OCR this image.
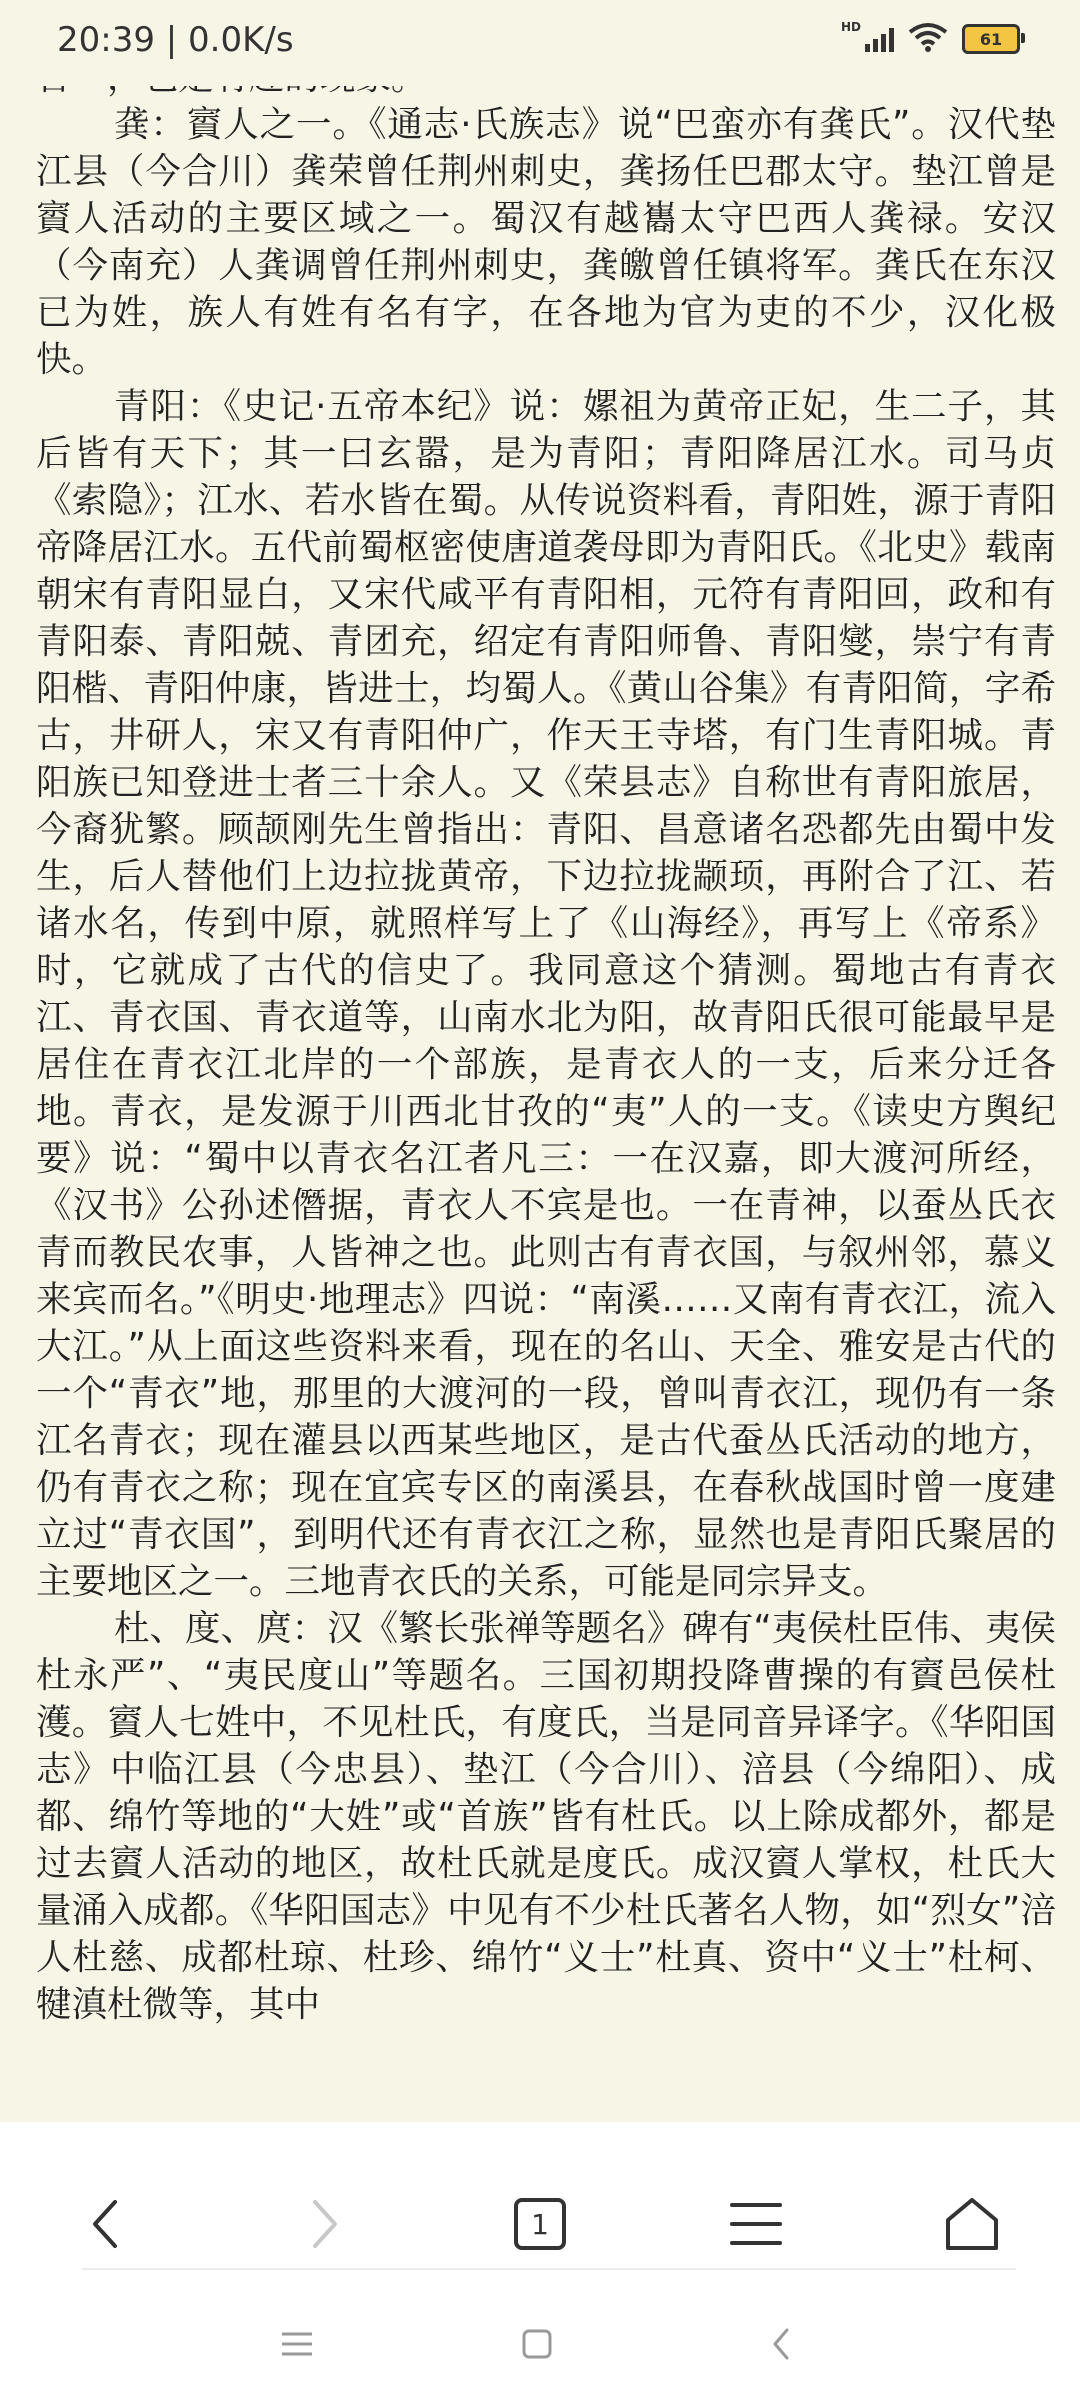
20:39 | 0.0K/s	HD
61

龚：賨人之一。《通志·氏族志》说“巴蛮亦有龚氏”。汉代垫江县（今合川）龚荣曾任荆州刺史，龚扬任巴郡太守。垫江曾是賨人活动的主要区域之一。蜀汉有越巂太守巴西人龚禄。安汉（今南充）人龚调曾任荆州刺史，龚皦曾任镇将军。龚氏在东汉已为姓，族人有姓有名有字，在各地为官为吏的不少，汉化极快。

青阳：《史记·五帝本纪》说：嫘祖为黄帝正妃，生二子，其后皆有天下；其一曰玄嚣，是为青阳；青阳降居江水。司马贞《索隐》；江水、若水皆在蜀。从传说资料看，青阳姓，源于青阳帝降居江水。五代前蜀枢密使唐道袭母即为青阳氏。《北史》载南朝宋有青阳显白，又宋代咸平有青阳相，元符有青阳回，政和有青阳泰、青阳兢、青团充，绍定有青阳师鲁、青阳燮，崇宁有青阳楷、青阳仲康，皆进士，均蜀人。《黄山谷集》有青阳简，字希古，井研人，宋又有青阳仲广，作天王寺塔，有门生青阳城。青阳族已知登进士者三十余人。又《荣县志》自称世有青阳旅居，今裔犹繁。顾颉刚先生曾指出：青阳、昌意诸名恐都先由蜀中发生，后人替他们上边拉拢黄帝，下边拉拢颛顼，再附合了江、若诸水名，传到中原，就照样写上了《山海经》，再写上《帝系》时，它就成了古代的信史了。我同意这个猜测。蜀地古有青衣江、青衣国、青衣道等，山南水北为阳，故青阳氏很可能最早是居住在青衣江北岸的一个部族，是青衣人的一支，后来分迁各地。青衣，是发源于川西北甘孜的“夷”人的一支。《读史方舆纪要》说：“蜀中以青衣名江者凡三：一在汉嘉，即大渡河所经，《汉书》公孙述僭据，青衣人不宾是也。一在青神，以蚕丛氏衣青而教民农事，人皆神之也。此则古有青衣国，与叙州邻，慕义来宾而名。”《明史·地理志》四说：“南溪……又南有青衣江，流入大江。”从上面这些资料来看，现在的名山、天全、雅安是古代的一个“青衣”地，那里的大渡河的一段，曾叫青衣江，现仍有一条江名青衣；现在灌县以西某些地区，是古代蚕丛氏活动的地方，仍有青衣之称；现在宜宾专区的南溪县，在春秋战国时曾一度建立过“青衣国”，到明代还有青衣江之称，显然也是青阳氏聚居的主要地区之一。三地青衣氏的关系，可能是同宗异支。

杜、度、庹：汉《繁长张禅等题名》碑有“夷侯杜臣伟、夷侯杜永严”、“夷民度山”等题名。三国初期投降曹操的有賨邑侯杜濩。賨人七姓中，不见杜氏，有度氏，当是同音异译字。《华阳国志》中临江县（今忠县）、垫江（今合川）、涪县（今绵阳）、成都、绵竹等地的“大姓”或“首族”皆有杜氏。以上除成都外，都是过去賨人活动的地区，故杜氏就是度氏。成汉賨人掌权，杜氏大量涌入成都。《华阳国志》中见有不少杜氏著名人物，如“烈女”涪人杜慈、成都杜琼、杜珍、绵竹“义士”杜真、资中“义士”杜柯、犍滇杜微等，其中

1
